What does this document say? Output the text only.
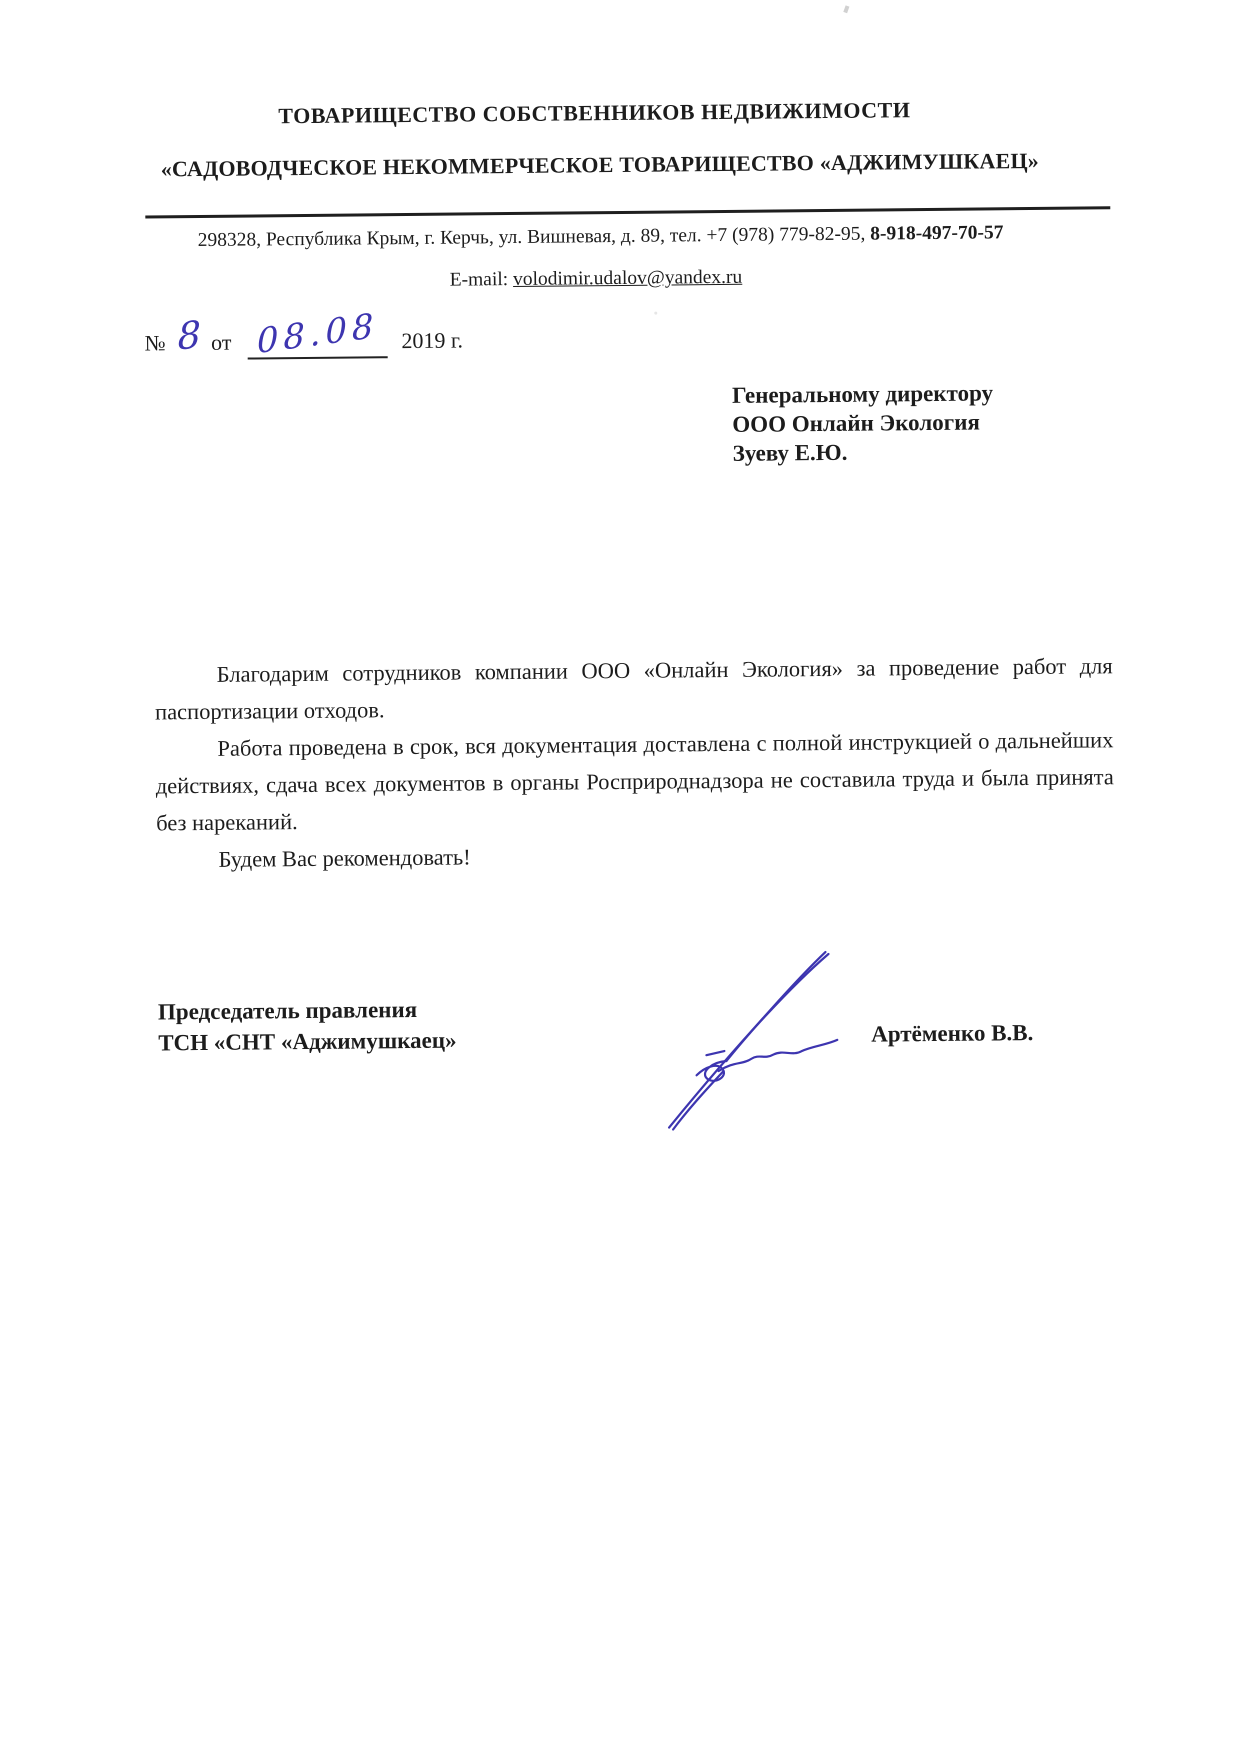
ТОВАРИЩЕСТВО СОБСТВЕННИКОВ НЕДВИЖИМОСТИ
«САДОВОДЧЕСКОЕ НЕКОММЕРЧЕСКОЕ ТОВАРИЩЕСТВО «АДЖИМУШКАЕЦ»
298328, Республика Крым, г. Керчь, ул. Вишневая, д. 89, тел. +7 (978) 779-82-95, 8-918-497-70-57
E-mail: volodimir.udalov@yandex.ru
№ 8 от 08.08	2019 г.
Генеральному директору
ООО Онлайн Экология
Зуеву Е.Ю.

Благодарим сотрудников компании ООО «Онлайн Экология» за проведение работ для паспортизации отходов.

Работа проведена в срок, вся документация доставлена с полной инструкцией о дальнейших действиях, сдача всех документов в органы Росприроднадзора не составила труда и была принята без нареканий.

Будем Вас рекомендовать!

Председатель правления
ТСН «СНТ «Аджимушкаец»	Артёменко В.В.
